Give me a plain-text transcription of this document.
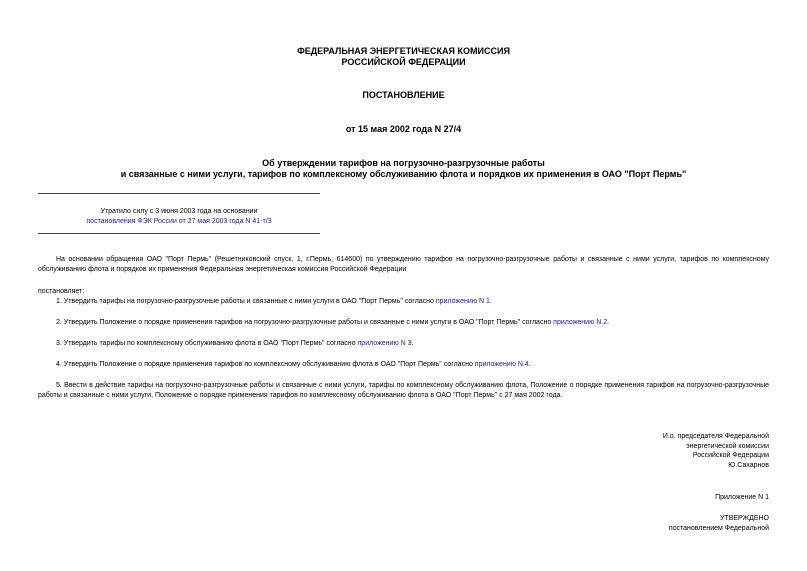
ФЕДЕРАЛЬНАЯ ЭНЕРГЕТИЧЕСКАЯ КОМИССИЯ
РОССИЙСКОЙ ФЕДЕРАЦИИ
ПОСТАНОВЛЕНИЕ
от 15 мая 2002 года N 27/4
Об утверждении тарифов на погрузочно-разгрузочные работы
и связанные с ними услуги, тарифов по комплексному обслуживанию флота и порядков их применения в ОАО "Порт Пермь"
Утратило силу с 3 июня 2003 года на основании
постановления ФЭК России от 27 мая 2003 года N 41-т/3
На основании обращения ОАО "Порт Пермь" (Решетниковский спуск, 1, г.Пермь, 614600) по утверждению тарифов на погрузочно-разгрузочные работы и связанные с ними услуги, тарифов по комплексному обслуживанию флота и порядков их применения Федеральная энергетическая комиссия Российской Федерации
постановляет:
1. Утвердить тарифы на погрузочно-разгрузочные работы и связанные с ними услуги в ОАО "Порт Пермь" согласно приложению N 1.
2. Утвердить Положение о порядке применения тарифов на погрузочно-разгрузочные работы и связанные с ними услуги в ОАО "Порт Пермь" согласно приложению N 2.
3. Утвердить тарифы по комплексному обслуживанию флота в ОАО "Порт Пермь" согласно приложению N 3.
4. Утвердить Положение о порядке применения тарифов по комплексному обслуживанию флота в ОАО "Порт Пермь" согласно приложению N 4.
5. Ввести в действие тарифы на погрузочно-разгрузочные работы и связанные с ними услуги, тарифы по комплексному обслуживанию флота, Положение о порядке применения тарифов на погрузочно-разгрузочные работы и связанные с ними услуги, Положение о порядке применения тарифов по комплексному обслуживанию флота в ОАО "Порт Пермь" с 27 мая 2002 года.
И.о. председателя Федеральной
энергетической комиссии
Российской Федерации
Ю.Сахарнов
Приложение N 1
УТВЕРЖДЕНО
постановлением Федеральной
